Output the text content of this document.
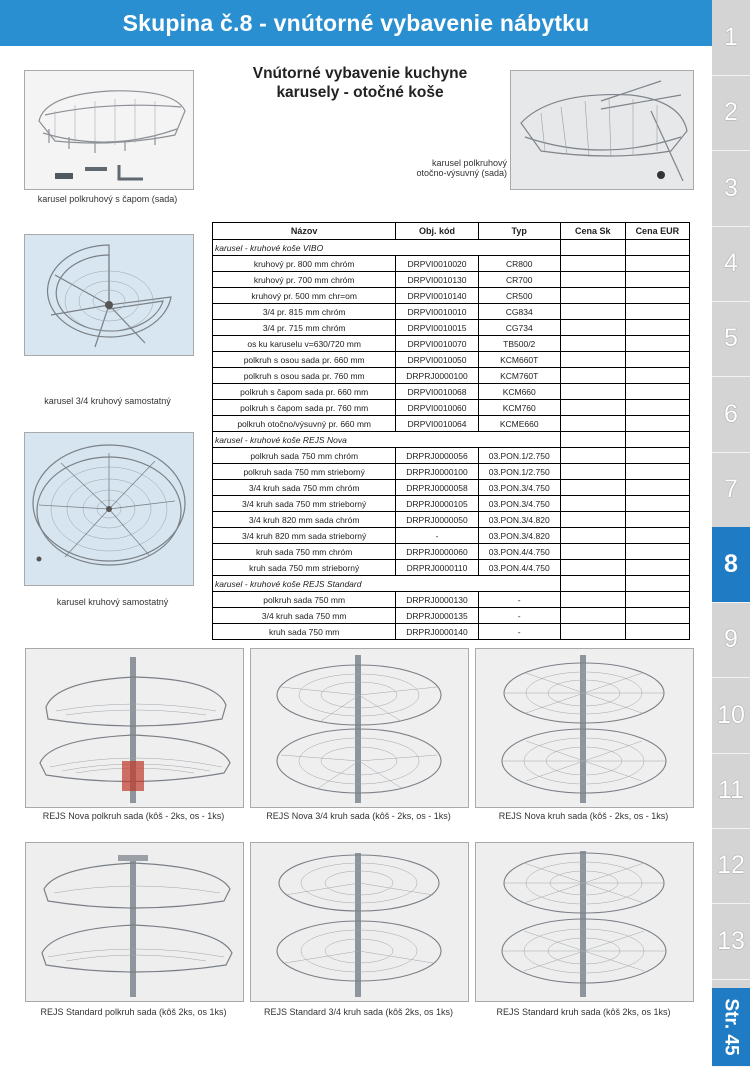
Skupina č.8 - vnútorné vybavenie nábytku
1
2
3
4
5
6
7
8
9
10
11
12
13
Str. 45
Vnútorné vybavenie kuchyne
karusely - otočné koše
karusel polkruhový s čapom (sada)
karusel polkruhový
otočno-výsuvný (sada)
karusel 3/4 kruhový samostatný
karusel kruhový samostatný
Názov	Obj. kód	Typ	Cena Sk	Cena EUR
karusel - kruhové koše VIBO				
kruhový pr. 800 mm chróm	DRPVI0010020	CR800		
kruhový pr. 700 mm chróm	DRPVI0010130	CR700		
kruhový pr. 500 mm chr=om	DRPVI0010140	CR500		
3/4 pr. 815 mm chróm	DRPVI0010010	CG834		
3/4 pr. 715 mm chróm	DRPVI0010015	CG734		
os ku karuselu v=630/720 mm	DRPVI0010070	TB500/2		
polkruh s osou sada pr. 660 mm	DRPVI0010050	KCM660T		
polkruh s osou sada pr. 760 mm	DRPRJ0000100	KCM760T		
polkruh s čapom sada pr. 660 mm	DRPVI0010068	KCM660		
polkruh s čapom sada pr. 760 mm	DRPVI0010060	KCM760		
polkruh otočno/výsuvný pr. 660 mm	DRPVI0010064	KCME660		
karusel - kruhové koše REJS Nova				
polkruh sada 750 mm chróm	DRPRJ0000056	03.PON.1/2.750		
polkruh sada 750 mm strieborný	DRPRJ0000100	03.PON.1/2.750		
3/4 kruh sada 750 mm chróm	DRPRJ0000058	03.PON.3/4.750		
3/4 kruh sada 750 mm strieborný	DRPRJ0000105	03.PON.3/4.750		
3/4 kruh 820 mm sada chróm	DRPRJ0000050	03.PON.3/4.820		
3/4 kruh 820 mm sada strieborný	-	03.PON.3/4.820		
kruh sada 750 mm chróm	DRPRJ0000060	03.PON.4/4.750		
kruh sada 750 mm strieborný	DRPRJ0000110	03.PON.4/4.750		
karusel - kruhové koše REJS Standard				
polkruh sada 750 mm	DRPRJ0000130	-		
3/4 kruh sada 750 mm	DRPRJ0000135	-		
kruh sada 750 mm	DRPRJ0000140	-		
REJS Nova polkruh sada (kôš - 2ks, os - 1ks)	REJS Nova 3/4 kruh sada (kôš - 2ks, os - 1ks)	REJS Nova kruh sada (kôš - 2ks, os - 1ks)
REJS Standard polkruh sada (kôš 2ks, os 1ks)	REJS Standard 3/4 kruh sada (kôš 2ks, os 1ks)	REJS Standard kruh sada (kôš 2ks, os 1ks)
